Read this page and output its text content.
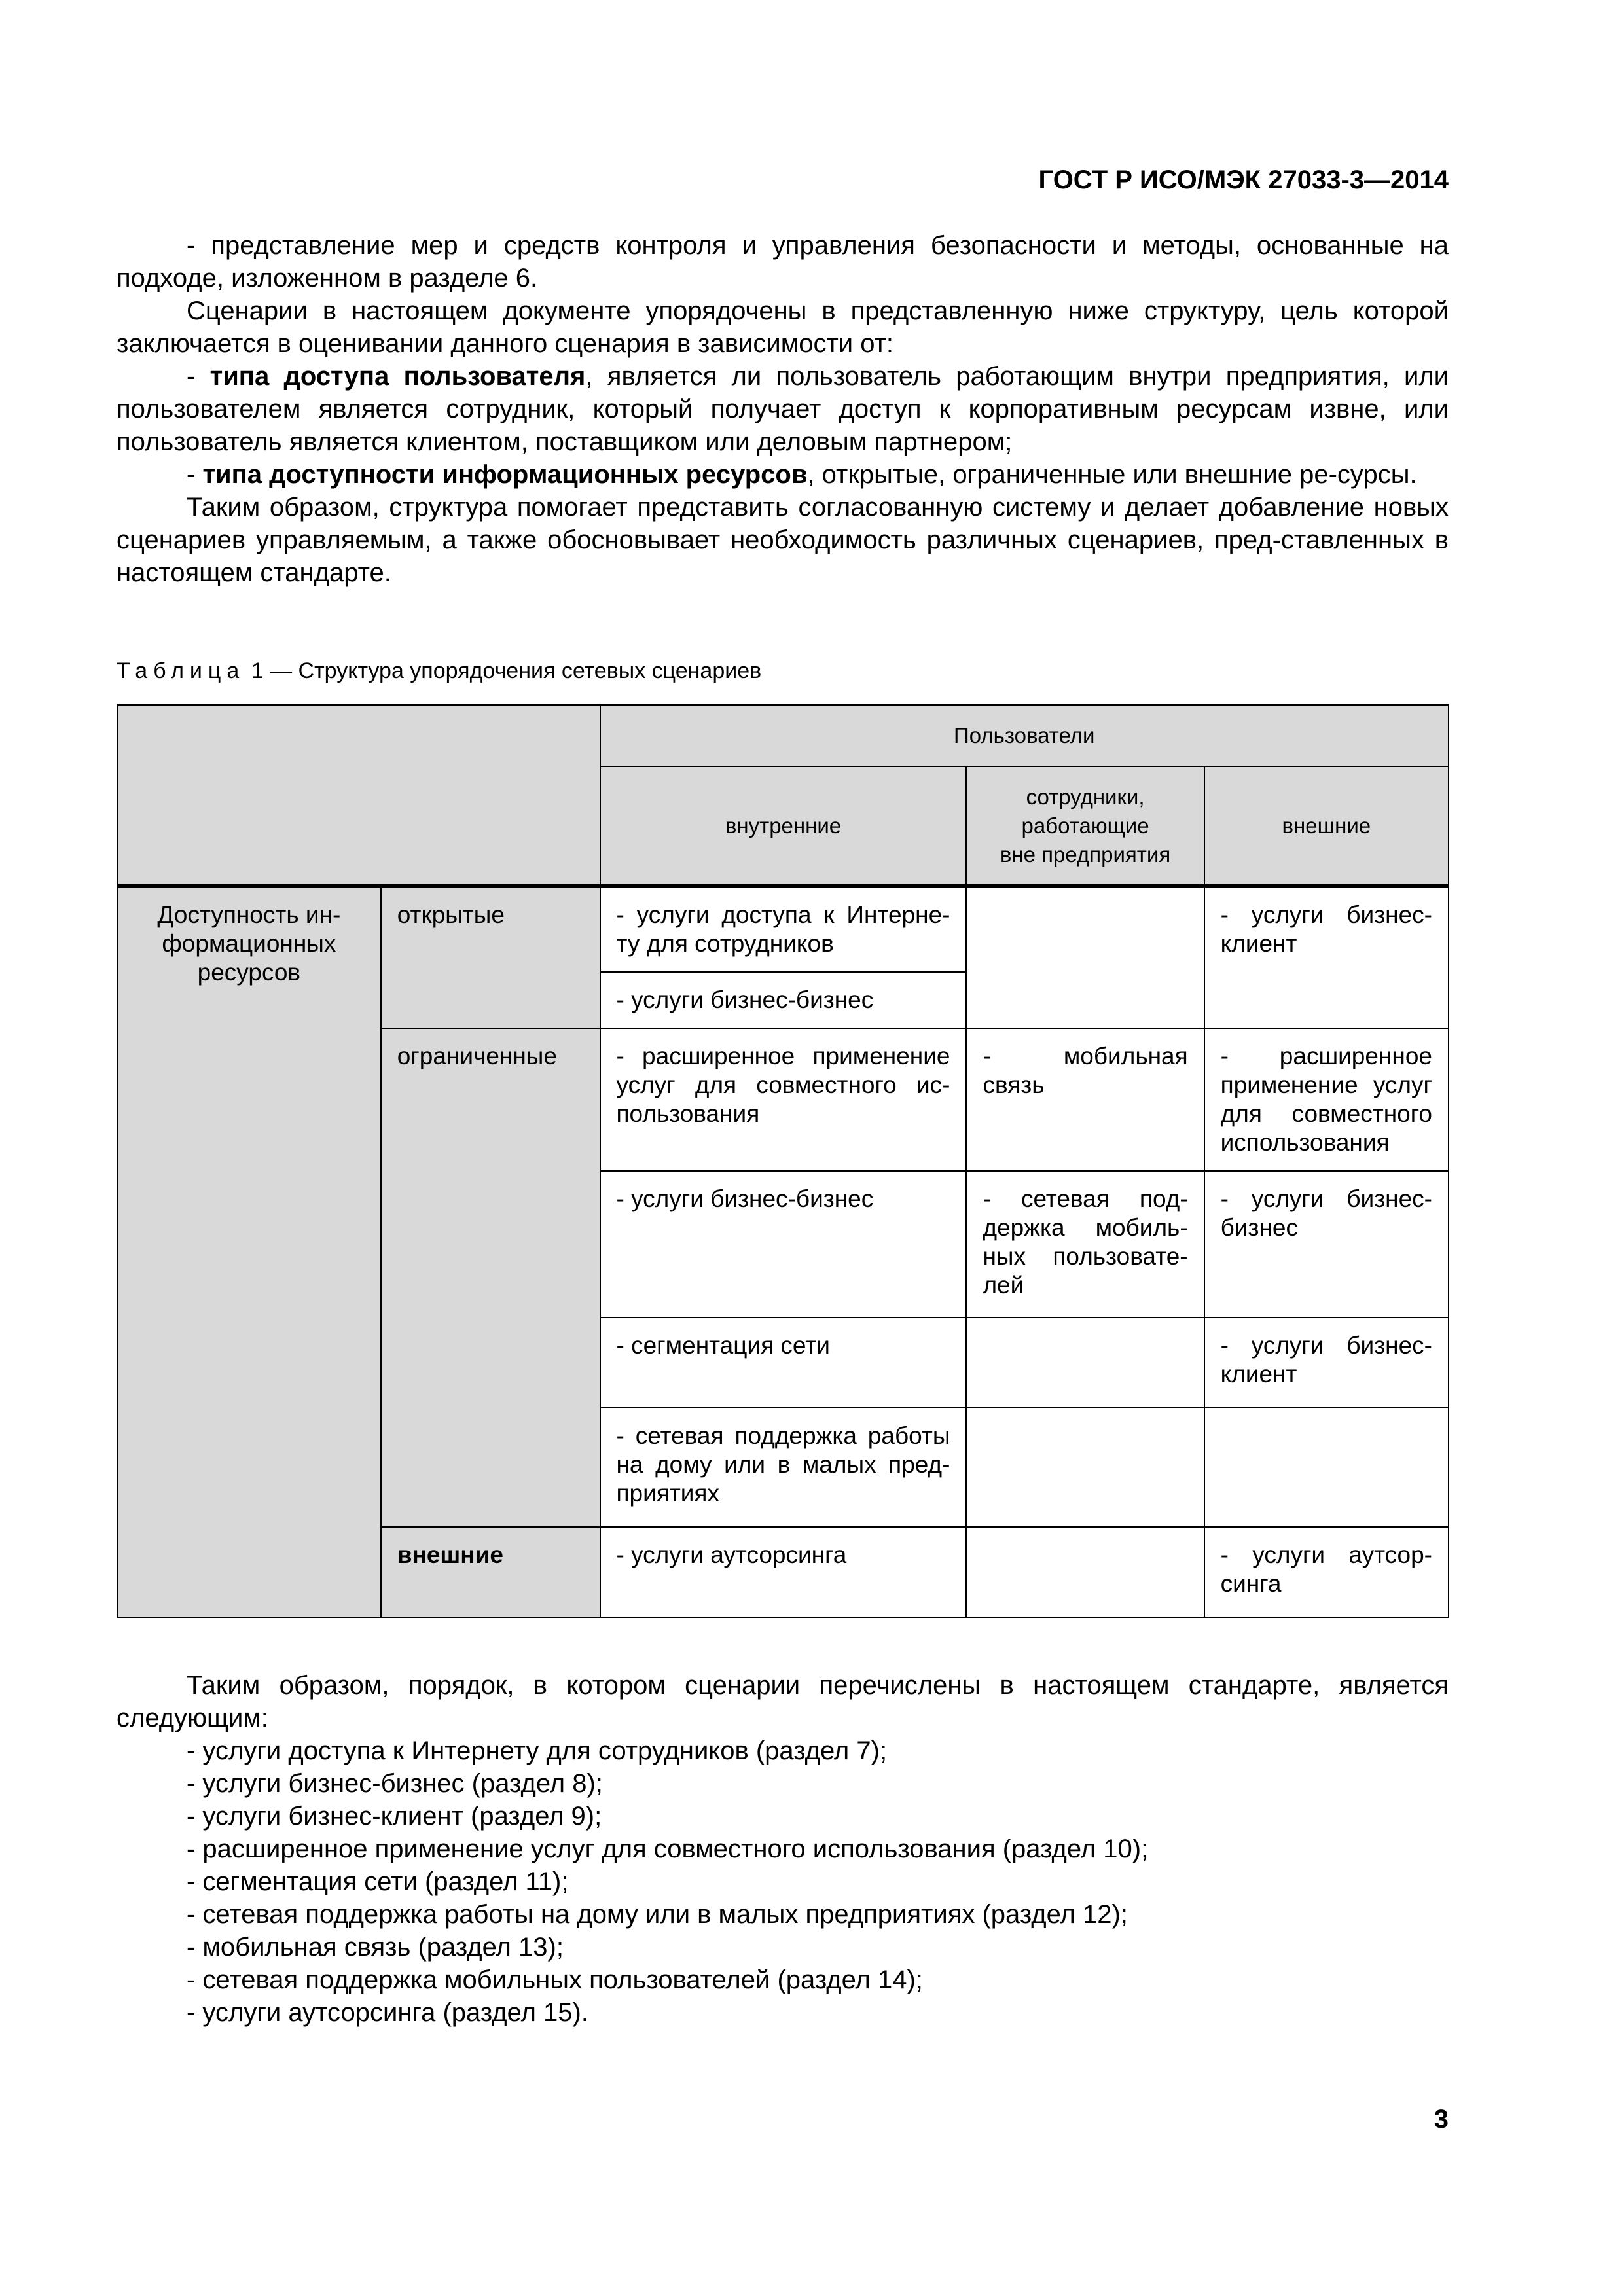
ГОСТ Р ИСО/МЭК 27033-3—2014

- представление мер и средств контроля и управления безопасности и методы, основанные на подходе, изложенном в разделе 6.

Сценарии в настоящем документе упорядочены в представленную ниже структуру, цель которой заключается в оценивании данного сценария в зависимости от:

- типа доступа пользователя, является ли пользователь работающим внутри предприятия, или пользователем является сотрудник, который получает доступ к корпоративным ресурсам извне, или пользователь является клиентом, поставщиком или деловым партнером;

- типа доступности информационных ресурсов, открытые, ограниченные или внешние ре-сурсы.

Таким образом, структура помогает представить согласованную систему и делает добавление новых сценариев управляемым, а также обосновывает необходимость различных сценариев, пред-ставленных в настоящем стандарте.

Таблица 1 — Структура упорядочения сетевых сценариев
		Пользователи		
		внутренние	сотрудники,
работающие
вне предприятия	внешние
Доступность ин-формационных ресурсов	открытые	- услуги доступа к Интерне-ту для сотрудников		- услуги бизнес-клиент
		- услуги бизнес-бизнес		
	ограниченные	- расширенное применение услуг для совместного ис-пользования	- мобильная связь	- расширенное применение услуг для совместного использования
		- услуги бизнес-бизнес	- сетевая под-держка мобиль-ных пользовате-лей	- услуги бизнес-бизнес
		- сегментация сети		- услуги бизнес-клиент
		- сетевая поддержка работы на дому или в малых пред-приятиях		
	внешние	- услуги аутсорсинга		- услуги аутсор-синга

Таким образом, порядок, в котором сценарии перечислены в настоящем стандарте, является следующим:

- услуги доступа к Интернету для сотрудников (раздел 7);
- услуги бизнес-бизнес (раздел 8);
- услуги бизнес-клиент (раздел 9);
- расширенное применение услуг для совместного использования (раздел 10);
- сегментация сети (раздел 11);
- сетевая поддержка работы на дому или в малых предприятиях (раздел 12);
- мобильная связь (раздел 13);
- сетевая поддержка мобильных пользователей (раздел 14);
- услуги аутсорсинга (раздел 15).
3
